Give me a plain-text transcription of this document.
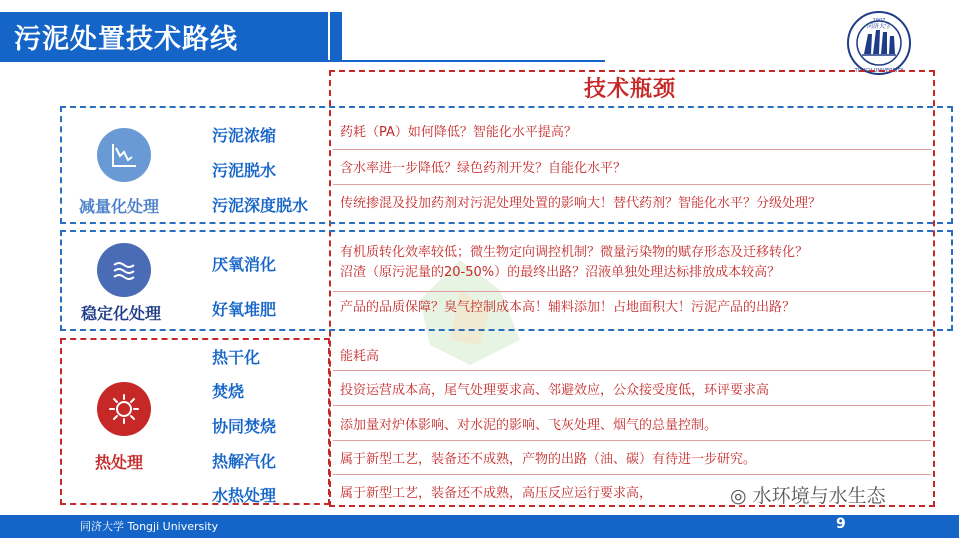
污泥处置技术路线
1907
同济大学
TONGJI UNIVERSITY
技术瓶颈
减量化处理
污泥浓缩
污泥脱水
污泥深度脱水
药耗（PA）如何降低？智能化水平提高？
含水率进一步降低？绿色药剂开发？自能化水平？
传统掺混及投加药剂对污泥处理处置的影响大！替代药剂？智能化水平？分级处理？
稳定化处理
厌氧消化
好氧堆肥
有机质转化效率较低；微生物定向调控机制？微量污染物的赋存形态及迁移转化？
沼渣（原污泥量的20-50%）的最终出路？沼液单独处理达标排放成本较高？
产品的品质保障？臭气控制成本高！辅料添加！占地面积大！污泥产品的出路？
热处理
热干化
焚烧
协同焚烧
热解汽化
水热处理
能耗高
投资运营成本高，尾气处理要求高、邻避效应，公众接受度低，环评要求高
添加量对炉体影响、对水泥的影响、飞灰处理、烟气的总量控制。
属于新型工艺，装备还不成熟，产物的出路（油、碳）有待进一步研究。
属于新型工艺，装备还不成熟，高压反应运行要求高，	◎ 水环境与水生态
同济大学 Tongji University	9
